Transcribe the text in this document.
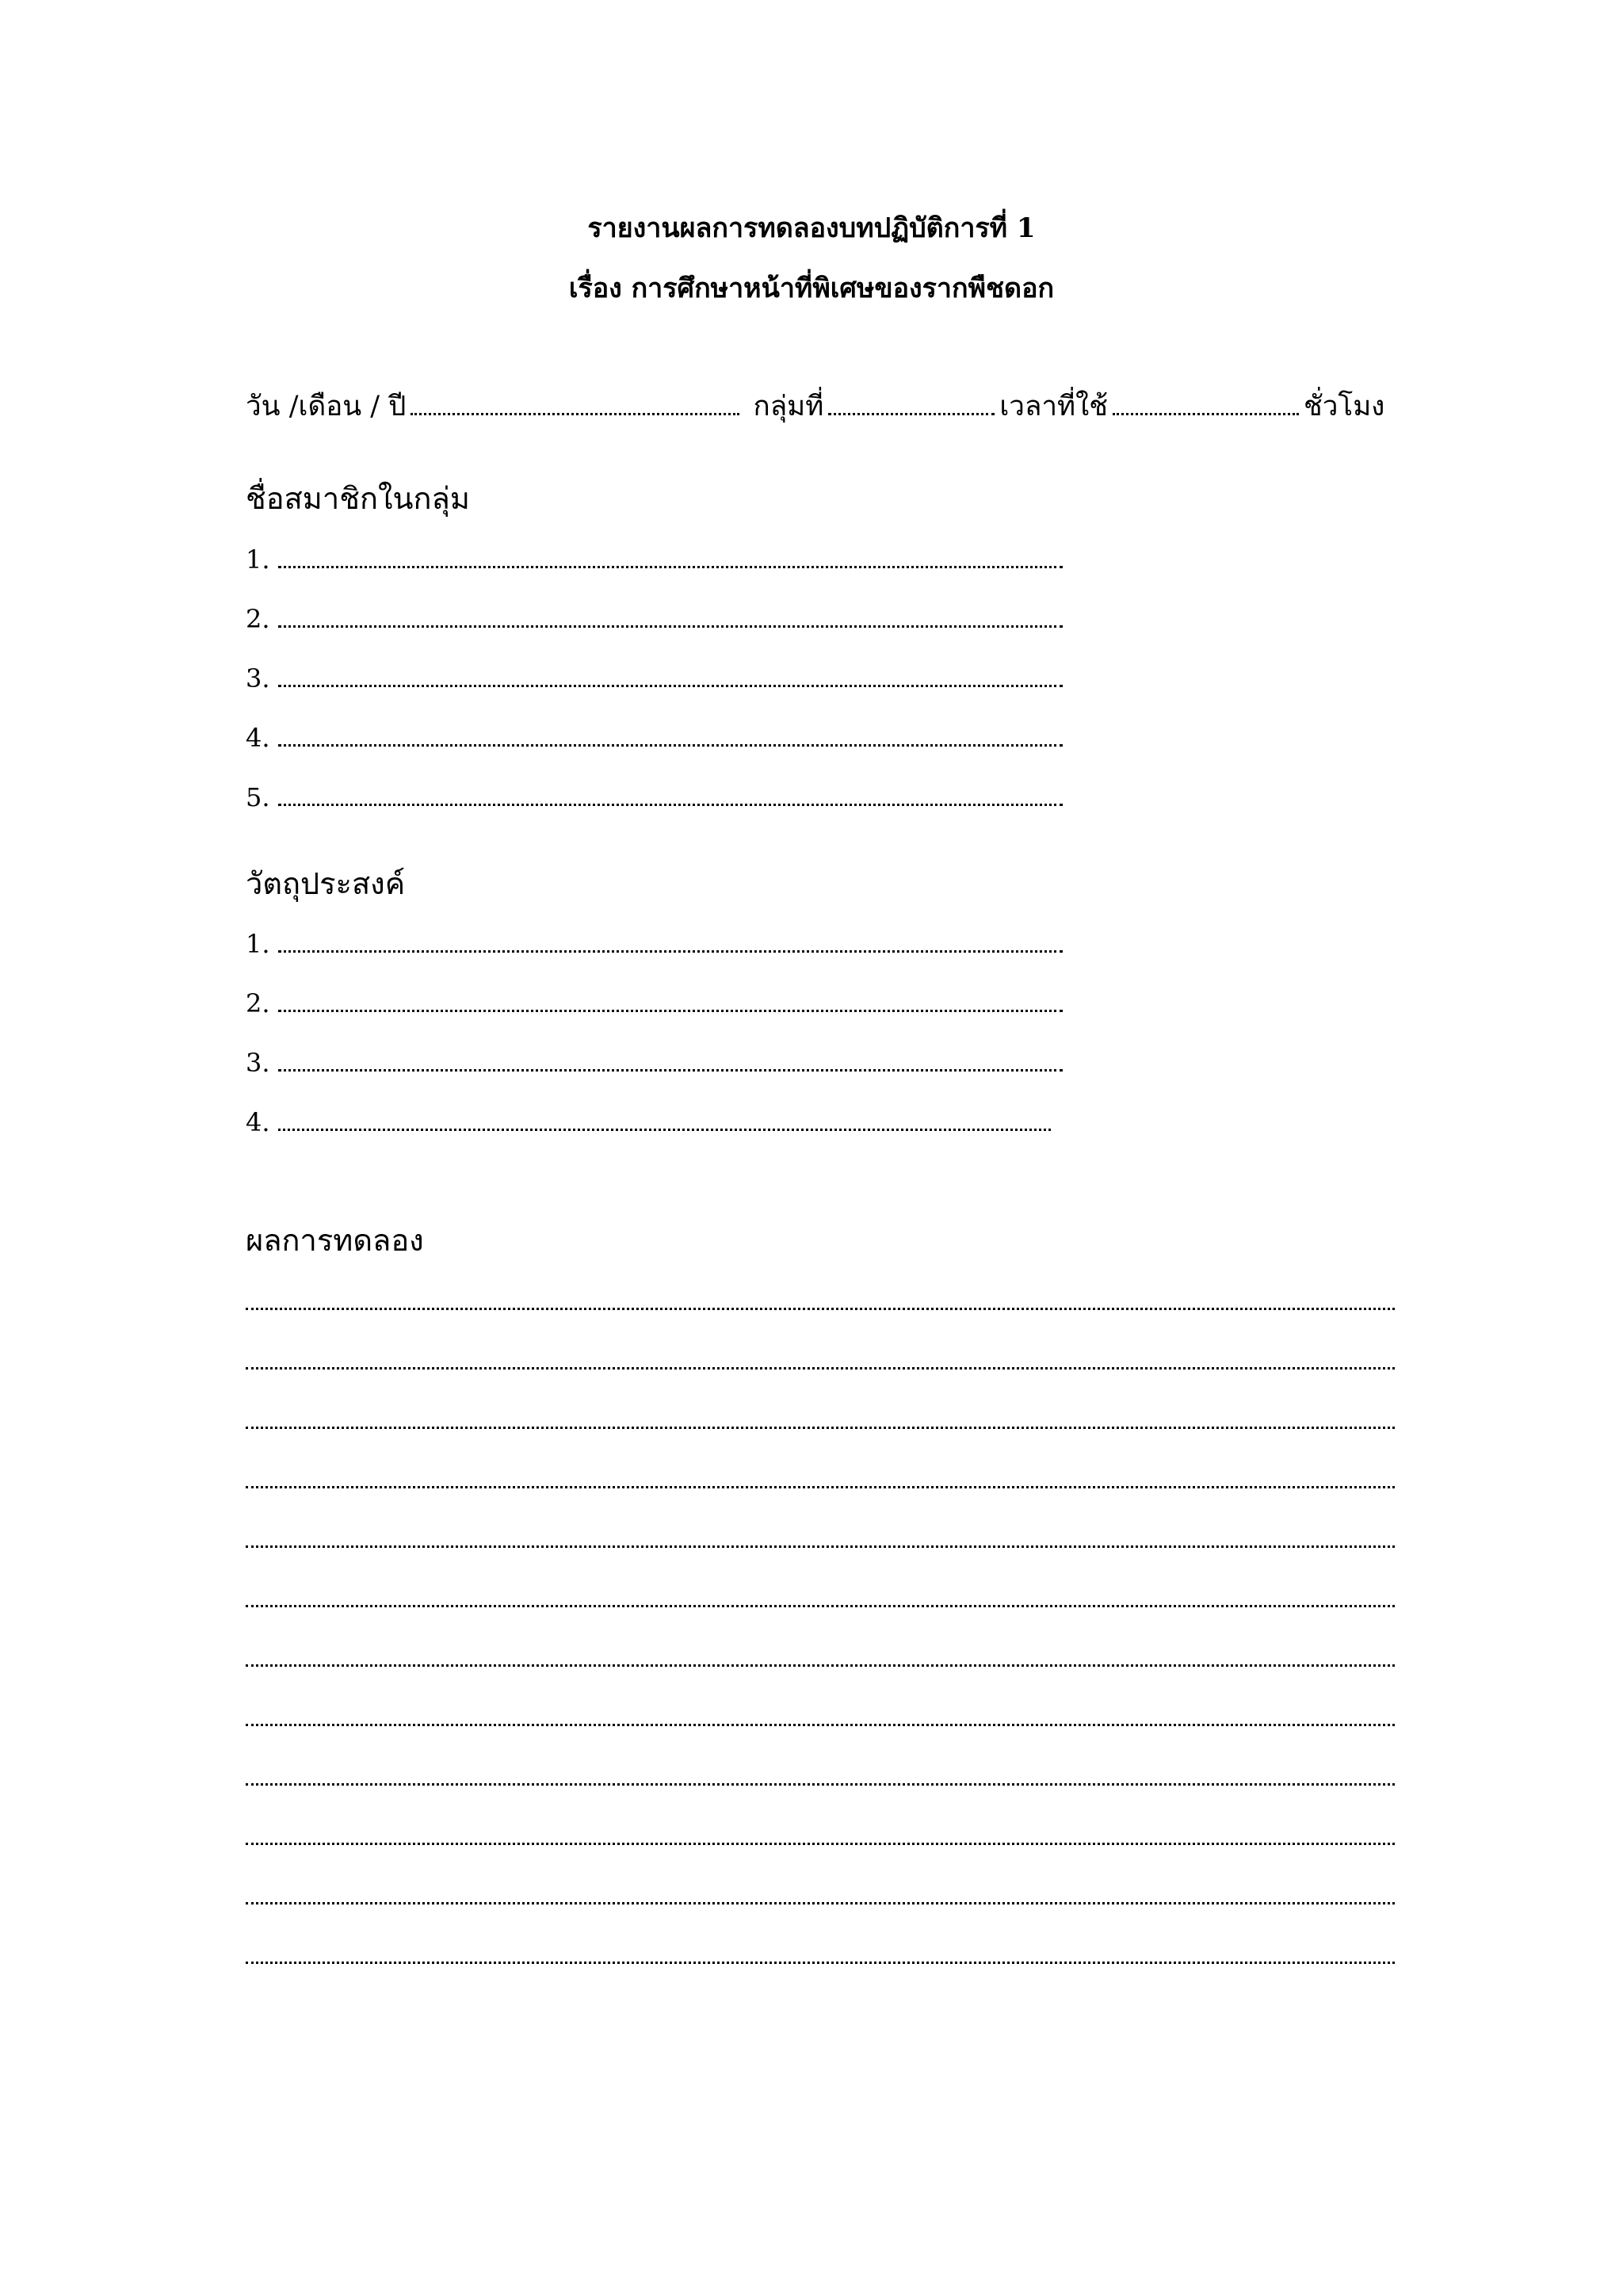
รายงานผลการทดลองบทปฏิบัติการที่ 1
เรื่อง การศึกษาหน้าที่พิเศษของรากพืชดอก
วัน /เดือน / ปี	กลุ่มที่	เวลาที่ใช้	ชั่วโมง
ชื่อสมาชิกในกลุ่ม
1.
2.
3.
4.
5.
วัตถุประสงค์
1.
2.
3.
4.
ผลการทดลอง
